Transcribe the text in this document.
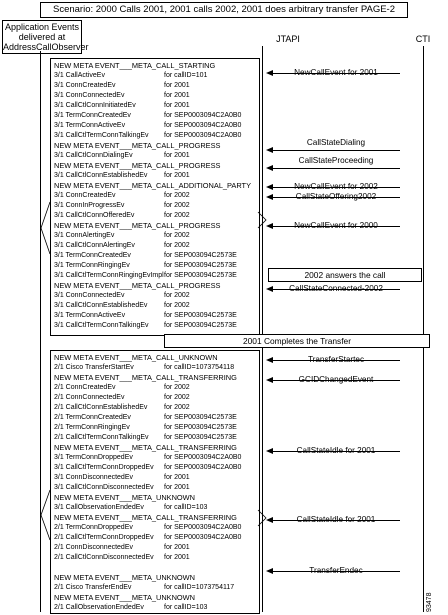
Scenario: 2000 Calls 2001, 2001 calls 2002, 2001 does arbitrary transfer PAGE-2
Application Events delivered at AddressCallObserver
JTAPI	CTI
NEW META EVENT___META_CALL_STARTING
3/1 CallActiveEv	for callID=101
3/1 ConnCreatedEv	for 2001
3/1 ConnConnectedEv	for 2001
3/1 CallCtlConnInitiatedEv	for 2001
3/1 TermConnCreatedEv	for SEP0003094C2A0B0
3/1 TermConnActiveEv	for SEP0003094C2A0B0
3/1 CallCtlTermConnTalkingEv for SEP0003094C2A0B0
NEW META EVENT___META_CALL_PROGRESS
3/1 CallCtlConnDialingEv	for 2001
NEW META EVENT___META_CALL_PROGRESS
3/1 CallCtlConnEstablishedEv for 2001
NEW META EVENT___META_CALL_ADDITIONAL_PARTY
3/1 ConnCreatedEv	for 2002
3/1 ConnInProgressEv	for 2002
3/1 CallCtlConnOfferedEv	for 2002
NEW META EVENT___META_CALL_PROGRESS
3/1 ConnAlertingEv	for 2002
3/1 CallCtlConnAlertingEv	for 2002
3/1 TermConnCreatedEv	for SEP003094C2573E
3/1 TermConnRingingEv	for SEP003094C2573E
3/1 CallCtlTermConnRingingEvImplfor SEP003094C2573E
NEW META EVENT___META_CALL_PROGRESS
3/1 ConnConnectedEv	for 2002
3/1 CallCtlConnEstablishedEv for 2002
3/1 TermConnActiveEv	for SEP003094C2573E
3/1 CallCtlTermConnTalkingEv for SEP003094C2573E
NEW META EVENT___META_CALL_UNKNOWN
2/1 Cisco TransferStartEv	for callID=1073754118
NEW META EVENT___META_CALL_TRANSFERRING
2/1 ConnCreatedEv	for 2002
2/1 ConnConnectedEv	for 2002
2/1 CallCtlConnEstablishedEv for 2002
2/1 TermConnCreatedEv	for SEP003094C2573E
2/1 TermConnRingingEv	for SEP003094C2573E
2/1 CallCtlTermConnTalkingEv for SEP003094C2573E
NEW META EVENT___META_CALL_TRANSFERRING
3/1 TermConnDroppedEv	for SEP0003094C2A0B0
3/1 CallCtlTermConnDroppedEv for SEP0003094C2A0B0
3/1 ConnDisconnectedEv	for 2001
3/1 CallCtlConnDisconnectedEv for 2001
NEW META EVENT___META_UNKNOWN
3/1 CallObservationEndedEv	for callID=103
NEW META EVENT___META_CALL_TRANSFERRING
2/1 TermConnDroppedEv	for SEP0003094C2A0B0
2/1 CallCtlTermConnDroppedEv for SEP0003094C2A0B0
2/1 ConnDisconnectedEv	for 2001
2/1 CallCtlConnDisconnectedEv for 2001
NEW META EVENT___META_UNKNOWN
2/1 Cisco TransferEndEv	for callID=1073754117
NEW META EVENT___META_UNKNOWN
2/1 CallObservationEndedEv	for callID=103
NewCallEvent for 2001
CallStateDialing
CallStateProceeding
NewCallEvent for 2002
CallStateOffering2002
NewCallEvent for 2000
2002 answers the call
CallStateConnected-2002
2001 Completes the Transfer
TransferStartec
GCIDChangedEvent
CallStateIdle for 2001
CallStateIdle for 2001
TransferEndec
93478
